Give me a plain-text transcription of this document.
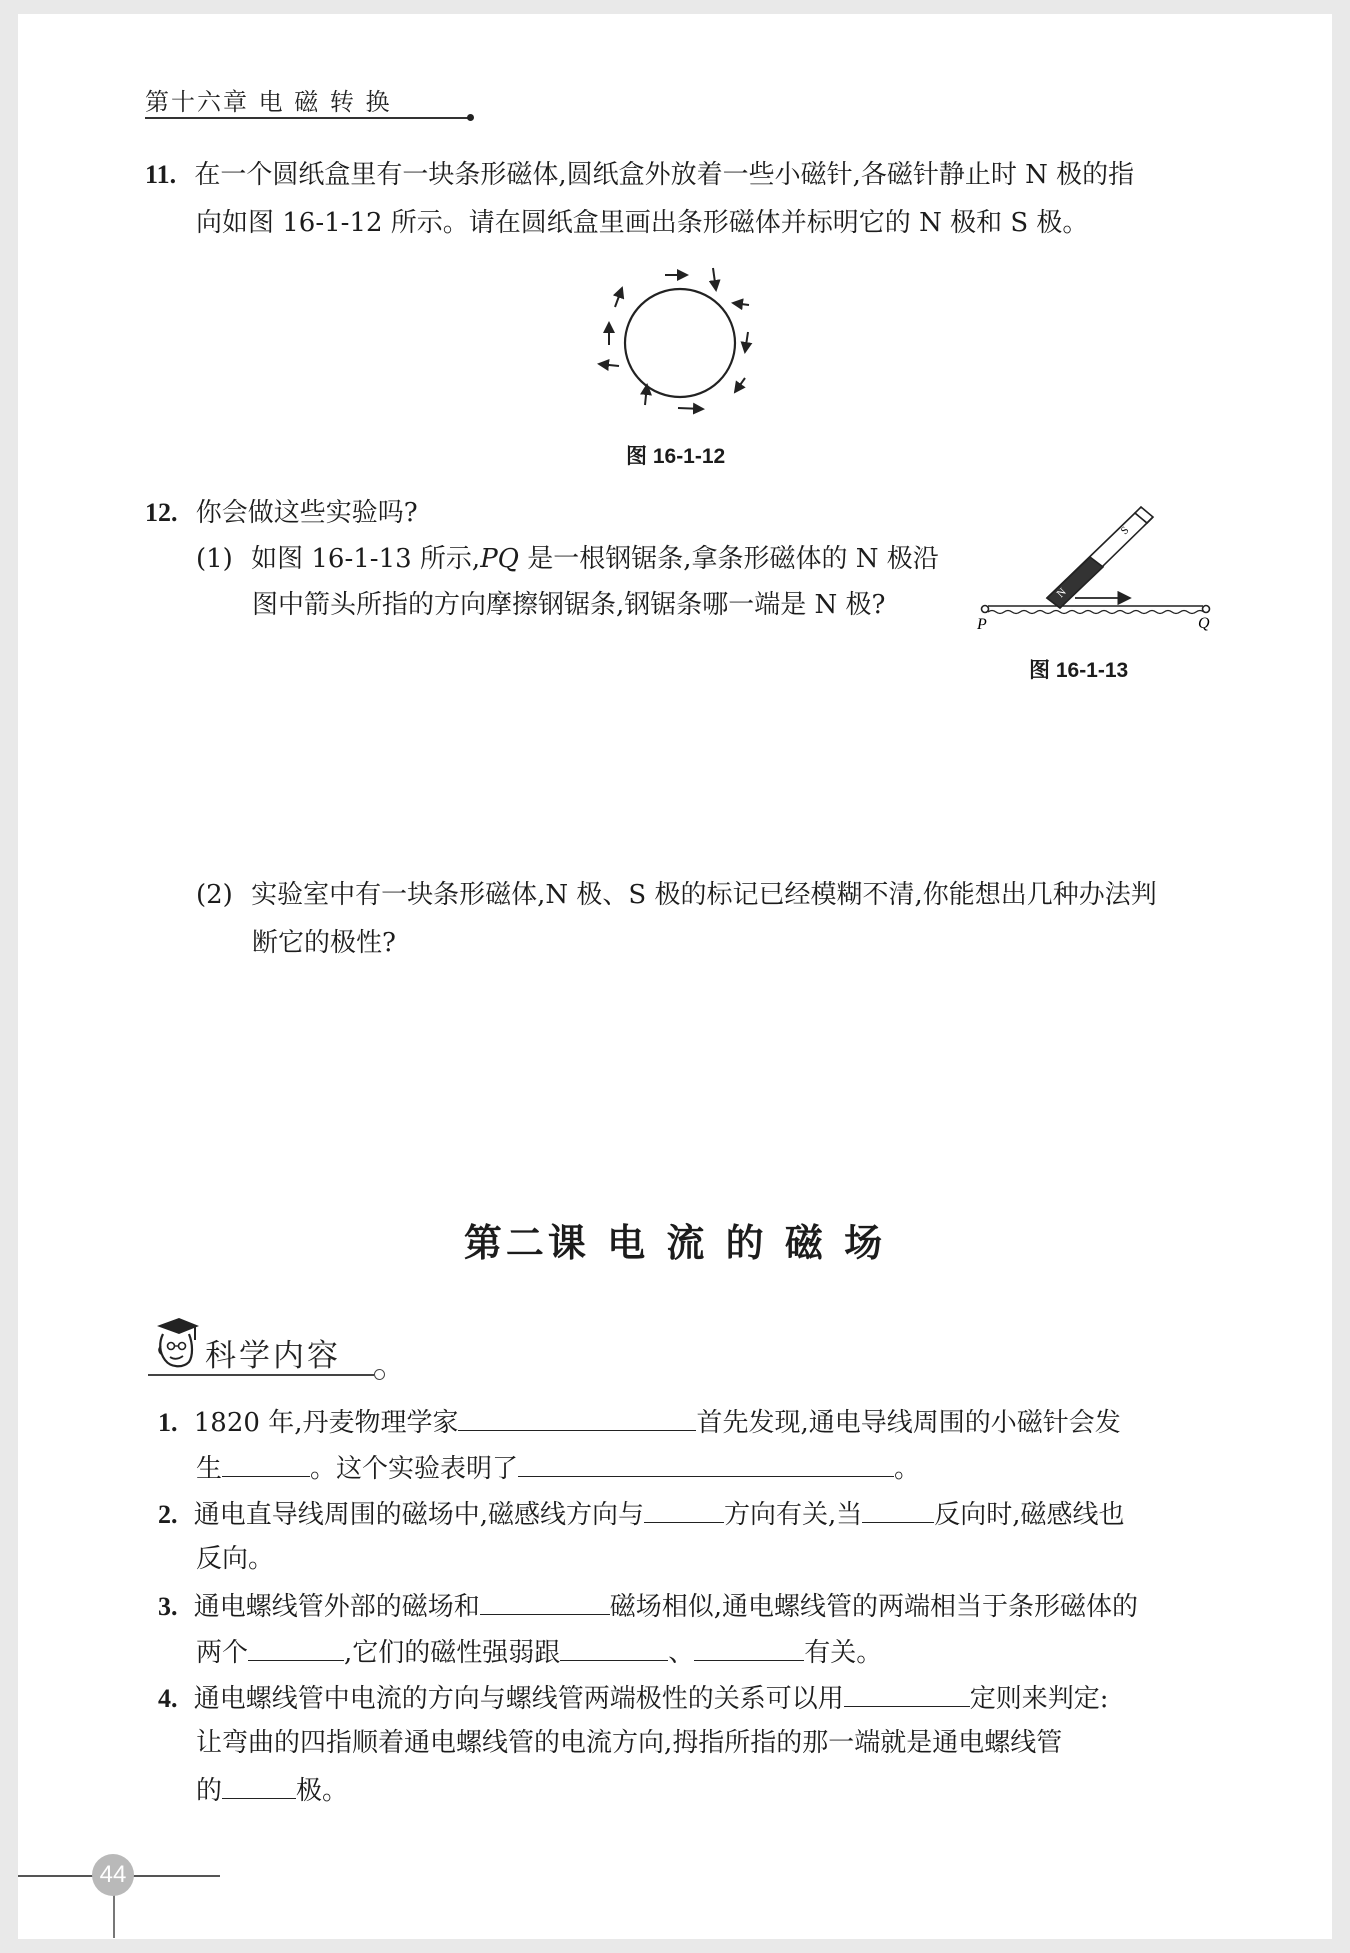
第十六章 电 磁 转 换
11. 在一个圆纸盒里有一块条形磁体,圆纸盒外放着一些小磁针,各磁针静止时 N 极的指
向如图 16-1-12 所示。请在圆纸盒里画出条形磁体并标明它的 N 极和 S 极。
图 16-1-12
12. 你会做这些实验吗?
(1) 如图 16-1-13 所示,PQ 是一根钢锯条,拿条形磁体的 N 极沿
图中箭头所指的方向摩擦钢锯条,钢锯条哪一端是 N 极?
S
N
P	Q
图 16-1-13
(2) 实验室中有一块条形磁体,N 极、S 极的标记已经模糊不清,你能想出几种办法判
断它的极性?
第二课 电 流 的 磁 场
科学内容
1. 1820 年,丹麦物理学家	首先发现,通电导线周围的小磁针会发
生	。这个实验表明了	。
2. 通电直导线周围的磁场中,磁感线方向与	方向有关,当	反向时,磁感线也
反向。
3. 通电螺线管外部的磁场和	磁场相似,通电螺线管的两端相当于条形磁体的
两个	,它们的磁性强弱跟	、	有关。
4. 通电螺线管中电流的方向与螺线管两端极性的关系可以用	定则来判定:
让弯曲的四指顺着通电螺线管的电流方向,拇指所指的那一端就是通电螺线管
的	极。
44
